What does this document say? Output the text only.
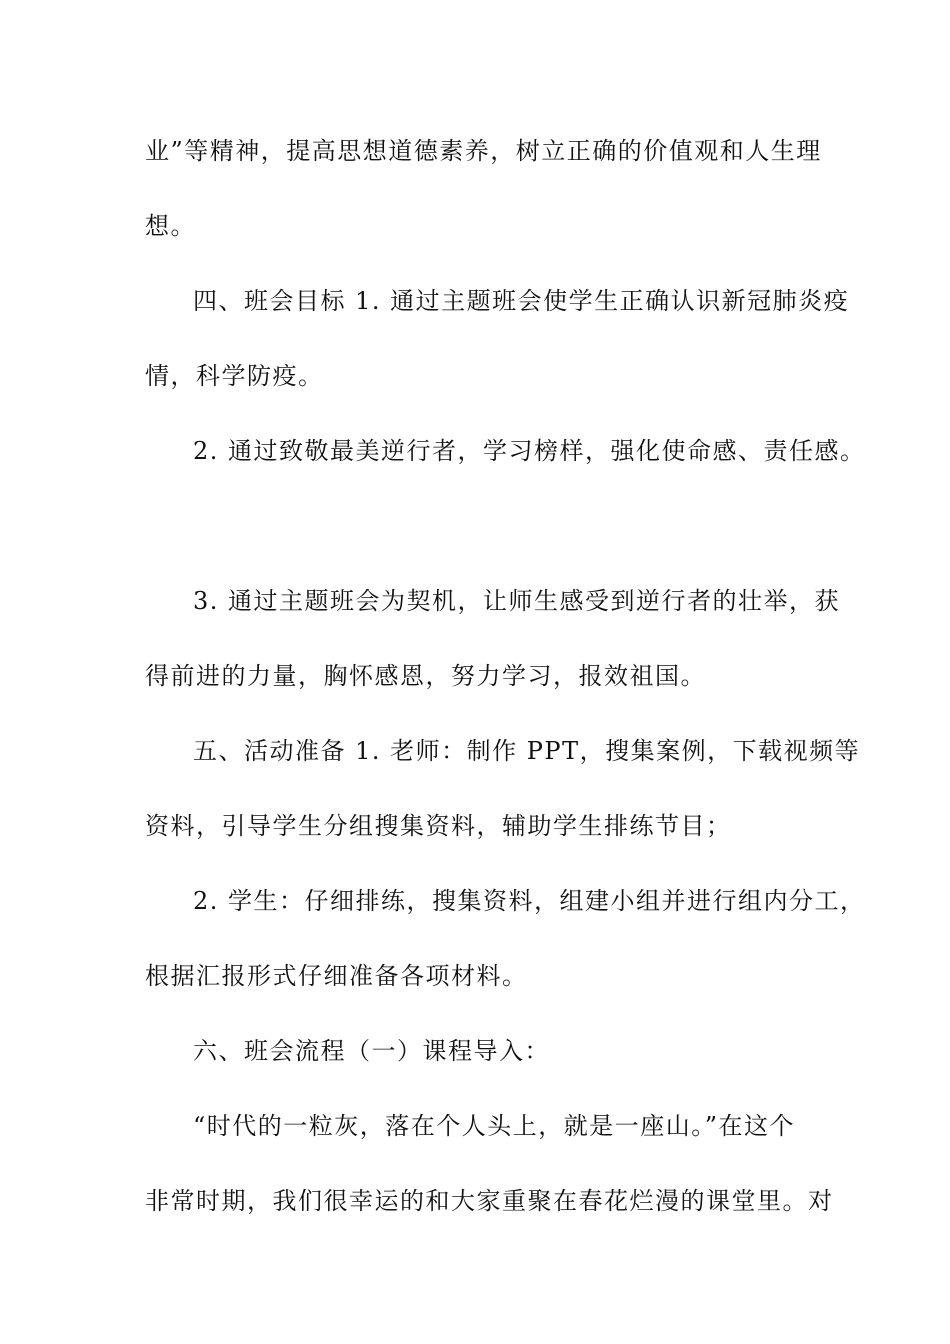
业”等精神，提高思想道德素养，树立正确的价值观和人生理
想。
四、班会目标 1. 通过主题班会使学生正确认识新冠肺炎疫
情，科学防疫。
2. 通过致敬最美逆行者，学习榜样，强化使命感、责任感。
3. 通过主题班会为契机，让师生感受到逆行者的壮举，获
得前进的力量，胸怀感恩，努力学习，报效祖国。
五、活动准备 1. 老师：制作 PPT，搜集案例，下载视频等
资料，引导学生分组搜集资料，辅助学生排练节目；
2. 学生：仔细排练，搜集资料，组建小组并进行组内分工，
根据汇报形式仔细准备各项材料。
六、班会流程（一）课程导入：
“时代的一粒灰，落在个人头上，就是一座山。”在这个
非常时期，我们很幸运的和大家重聚在春花烂漫的课堂里。对
